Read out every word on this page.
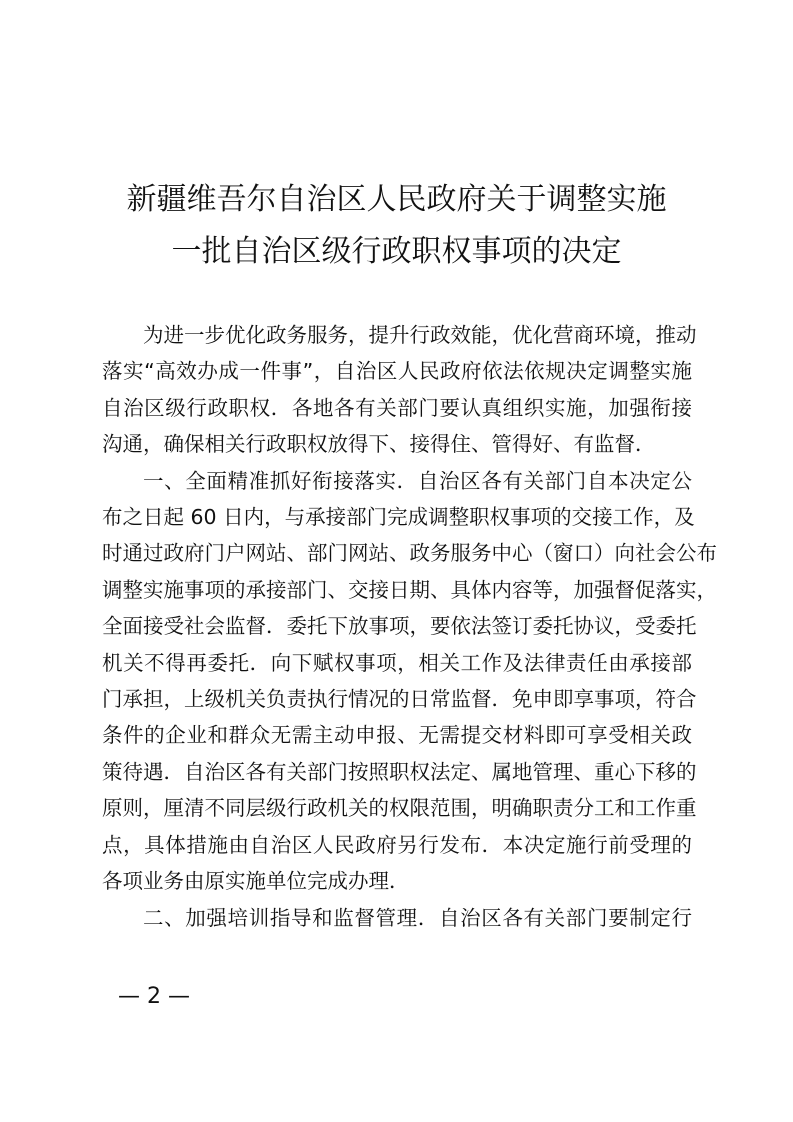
新疆维吾尔自治区人民政府关于调整实施
一批自治区级行政职权事项的决定

为进一步优化政务服务，提升行政效能，优化营商环境，推动
落实“高效办成一件事”，自治区人民政府依法依规决定调整实施
自治区级行政职权．各地各有关部门要认真组织实施，加强衔接
沟通，确保相关行政职权放得下、接得住、管得好、有监督．

一、全面精准抓好衔接落实．自治区各有关部门自本决定公
布之日起 60 日内，与承接部门完成调整职权事项的交接工作，及
时通过政府门户网站、部门网站、政务服务中心（窗口）向社会公布
调整实施事项的承接部门、交接日期、具体内容等，加强督促落实，
全面接受社会监督．委托下放事项，要依法签订委托协议，受委托
机关不得再委托．向下赋权事项，相关工作及法律责任由承接部
门承担，上级机关负责执行情况的日常监督．免申即享事项，符合
条件的企业和群众无需主动申报、无需提交材料即可享受相关政
策待遇．自治区各有关部门按照职权法定、属地管理、重心下移的
原则，厘清不同层级行政机关的权限范围，明确职责分工和工作重
点，具体措施由自治区人民政府另行发布．本决定施行前受理的
各项业务由原实施单位完成办理．

二、加强培训指导和监督管理．自治区各有关部门要制定行

— 2 —
